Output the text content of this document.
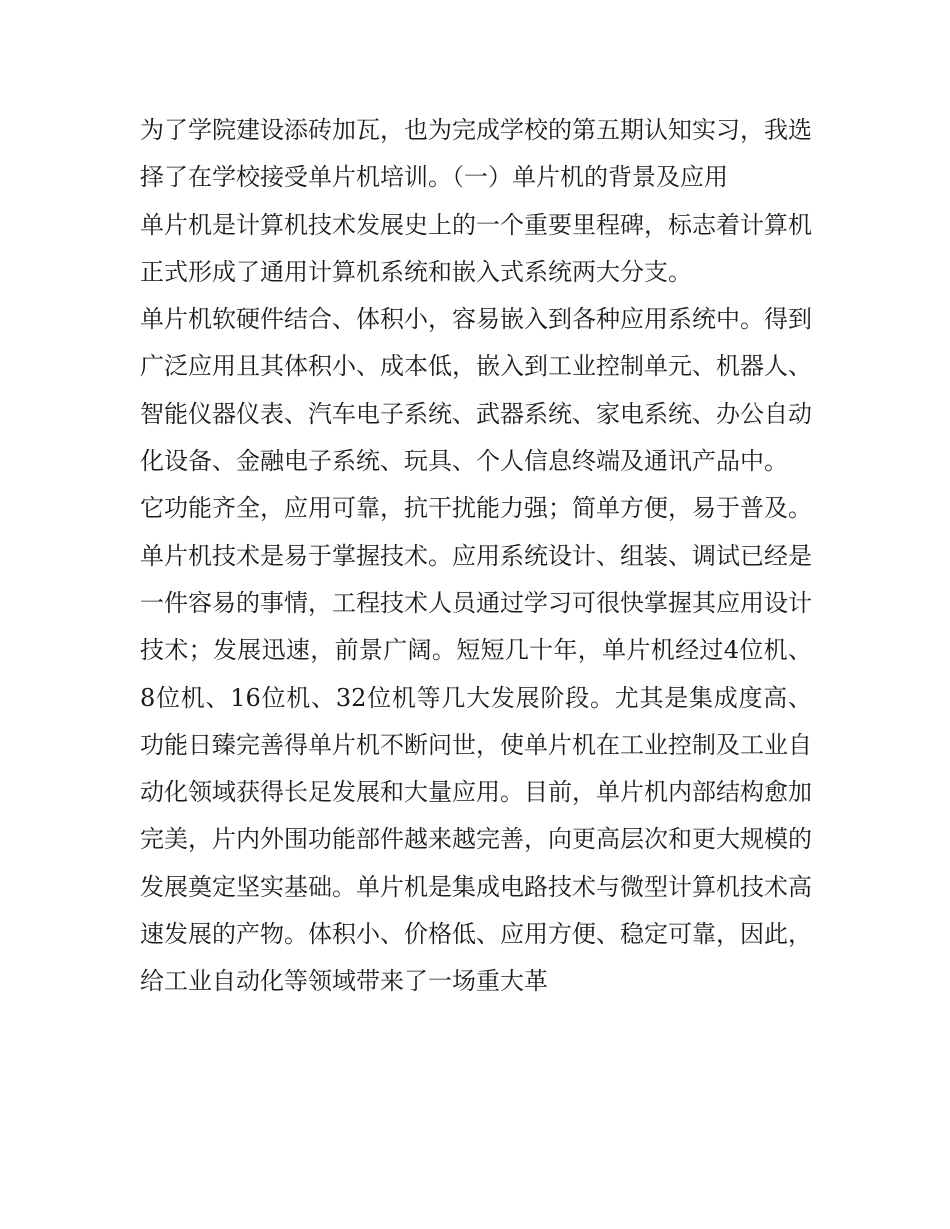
为了学院建设添砖加瓦，也为完成学校的第五期认知实习，我选择了在学校接受单片机培训。（一）单片机的背景及应用

单片机是计算机技术发展史上的一个重要里程碑，标志着计算机正式形成了通用计算机系统和嵌入式系统两大分支。

单片机软硬件结合、体积小，容易嵌入到各种应用系统中。得到广泛应用且其体积小、成本低，嵌入到工业控制单元、机器人、智能仪器仪表、汽车电子系统、武器系统、家电系统、办公自动化设备、金融电子系统、玩具、个人信息终端及通讯产品中。

它功能齐全，应用可靠，抗干扰能力强；简单方便，易于普及。单片机技术是易于掌握技术。应用系统设计、组装、调试已经是一件容易的事情，工程技术人员通过学习可很快掌握其应用设计技术；发展迅速，前景广阔。短短几十年，单片机经过4位机、8位机、16位机、32位机等几大发展阶段。尤其是集成度高、功能日臻完善得单片机不断问世，使单片机在工业控制及工业自动化领域获得长足发展和大量应用。目前，单片机内部结构愈加完美，片内外围功能部件越来越完善，向更高层次和更大规模的发展奠定坚实基础。单片机是集成电路技术与微型计算机技术高速发展的产物。体积小、价格低、应用方便、稳定可靠，因此，给工业自动化等领域带来了一场重大革
